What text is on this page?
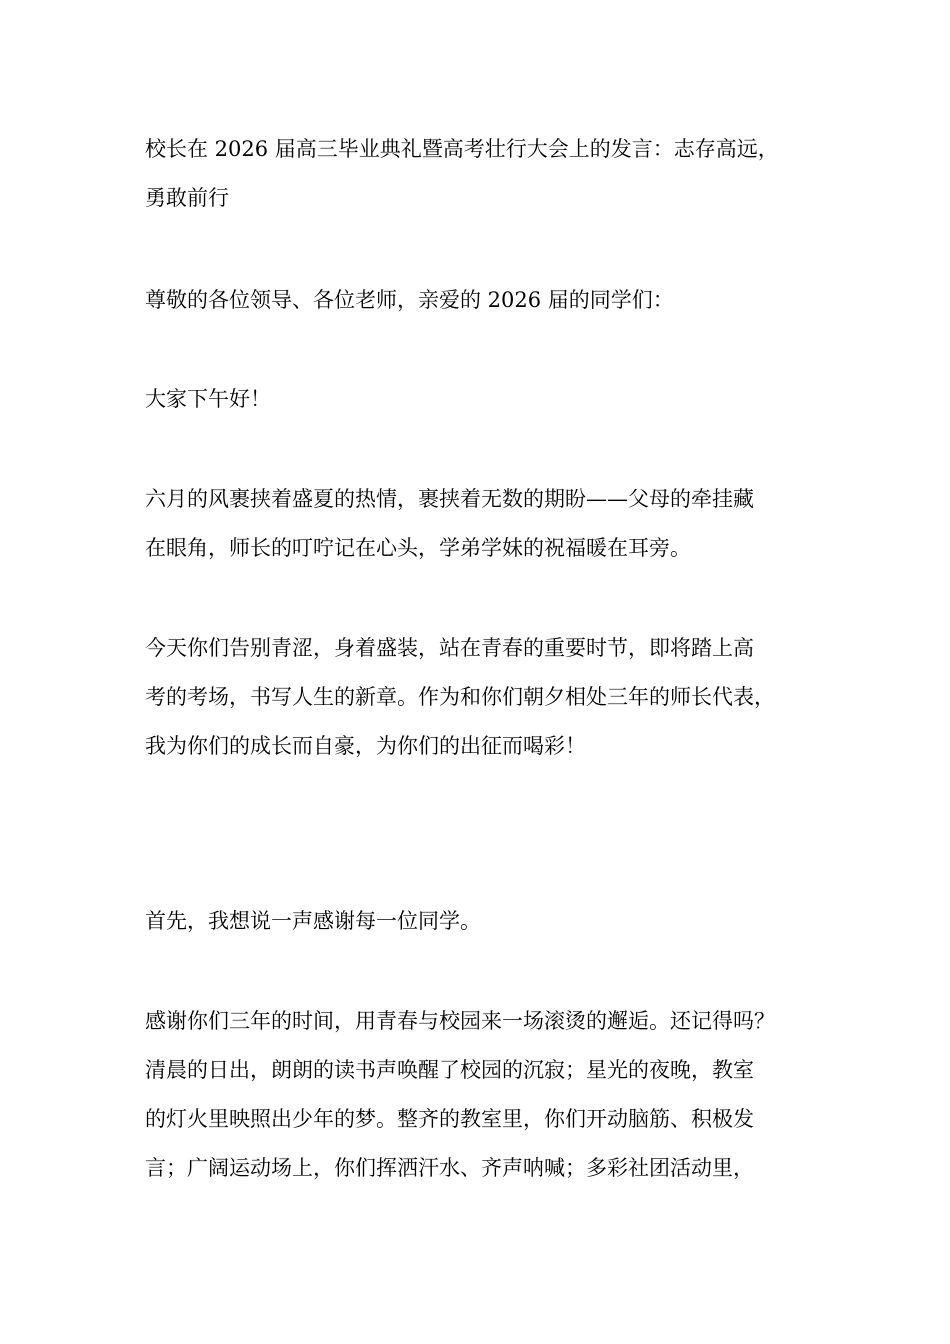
校长在 2026 届高三毕业典礼暨高考壮行大会上的发言：志存高远，
勇敢前行
尊敬的各位领导、各位老师，亲爱的 2026 届的同学们：
大家下午好！
六月的风裹挟着盛夏的热情，裹挟着无数的期盼——父母的牵挂藏
在眼角，师长的叮咛记在心头，学弟学妹的祝福暖在耳旁。
今天你们告别青涩，身着盛装，站在青春的重要时节，即将踏上高
考的考场，书写人生的新章。作为和你们朝夕相处三年的师长代表，
我为你们的成长而自豪，为你们的出征而喝彩！
首先，我想说一声感谢每一位同学。
感谢你们三年的时间，用青春与校园来一场滚烫的邂逅。还记得吗？
清晨的日出，朗朗的读书声唤醒了校园的沉寂；星光的夜晚，教室
的灯火里映照出少年的梦。整齐的教室里，你们开动脑筋、积极发
言；广阔运动场上，你们挥洒汗水、齐声呐喊；多彩社团活动里，
